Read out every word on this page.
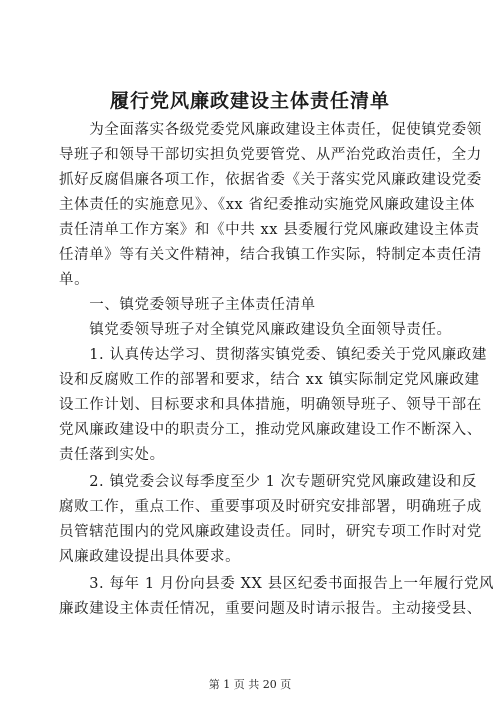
履行党风廉政建设主体责任清单
　　为全面落实各级党委党风廉政建设主体责任，促使镇党委领
导班子和领导干部切实担负党要管党、从严治党政治责任，全力
抓好反腐倡廉各项工作，依据省委《关于落实党风廉政建设党委
主体责任的实施意见》、《xx 省纪委推动实施党风廉政建设主体
责任清单工作方案》和《中共 xx 县委履行党风廉政建设主体责
任清单》等有关文件精神，结合我镇工作实际，特制定本责任清
单。
　　一、镇党委领导班子主体责任清单
　　镇党委领导班子对全镇党风廉政建设负全面领导责任。
　　1. 认真传达学习、贯彻落实镇党委、镇纪委关于党风廉政建
设和反腐败工作的部署和要求，结合 xx 镇实际制定党风廉政建
设工作计划、目标要求和具体措施，明确领导班子、领导干部在
党风廉政建设中的职责分工，推动党风廉政建设工作不断深入、
责任落到实处。
　　2. 镇党委会议每季度至少 1 次专题研究党风廉政建设和反
腐败工作，重点工作、重要事项及时研究安排部署，明确班子成
员管辖范围内的党风廉政建设责任。同时，研究专项工作时对党
风廉政建设提出具体要求。
　　3. 每年 1 月份向县委 XX 县区纪委书面报告上一年履行党风
廉政建设主体责任情况，重要问题及时请示报告。主动接受县、
第 1 页 共 20 页
